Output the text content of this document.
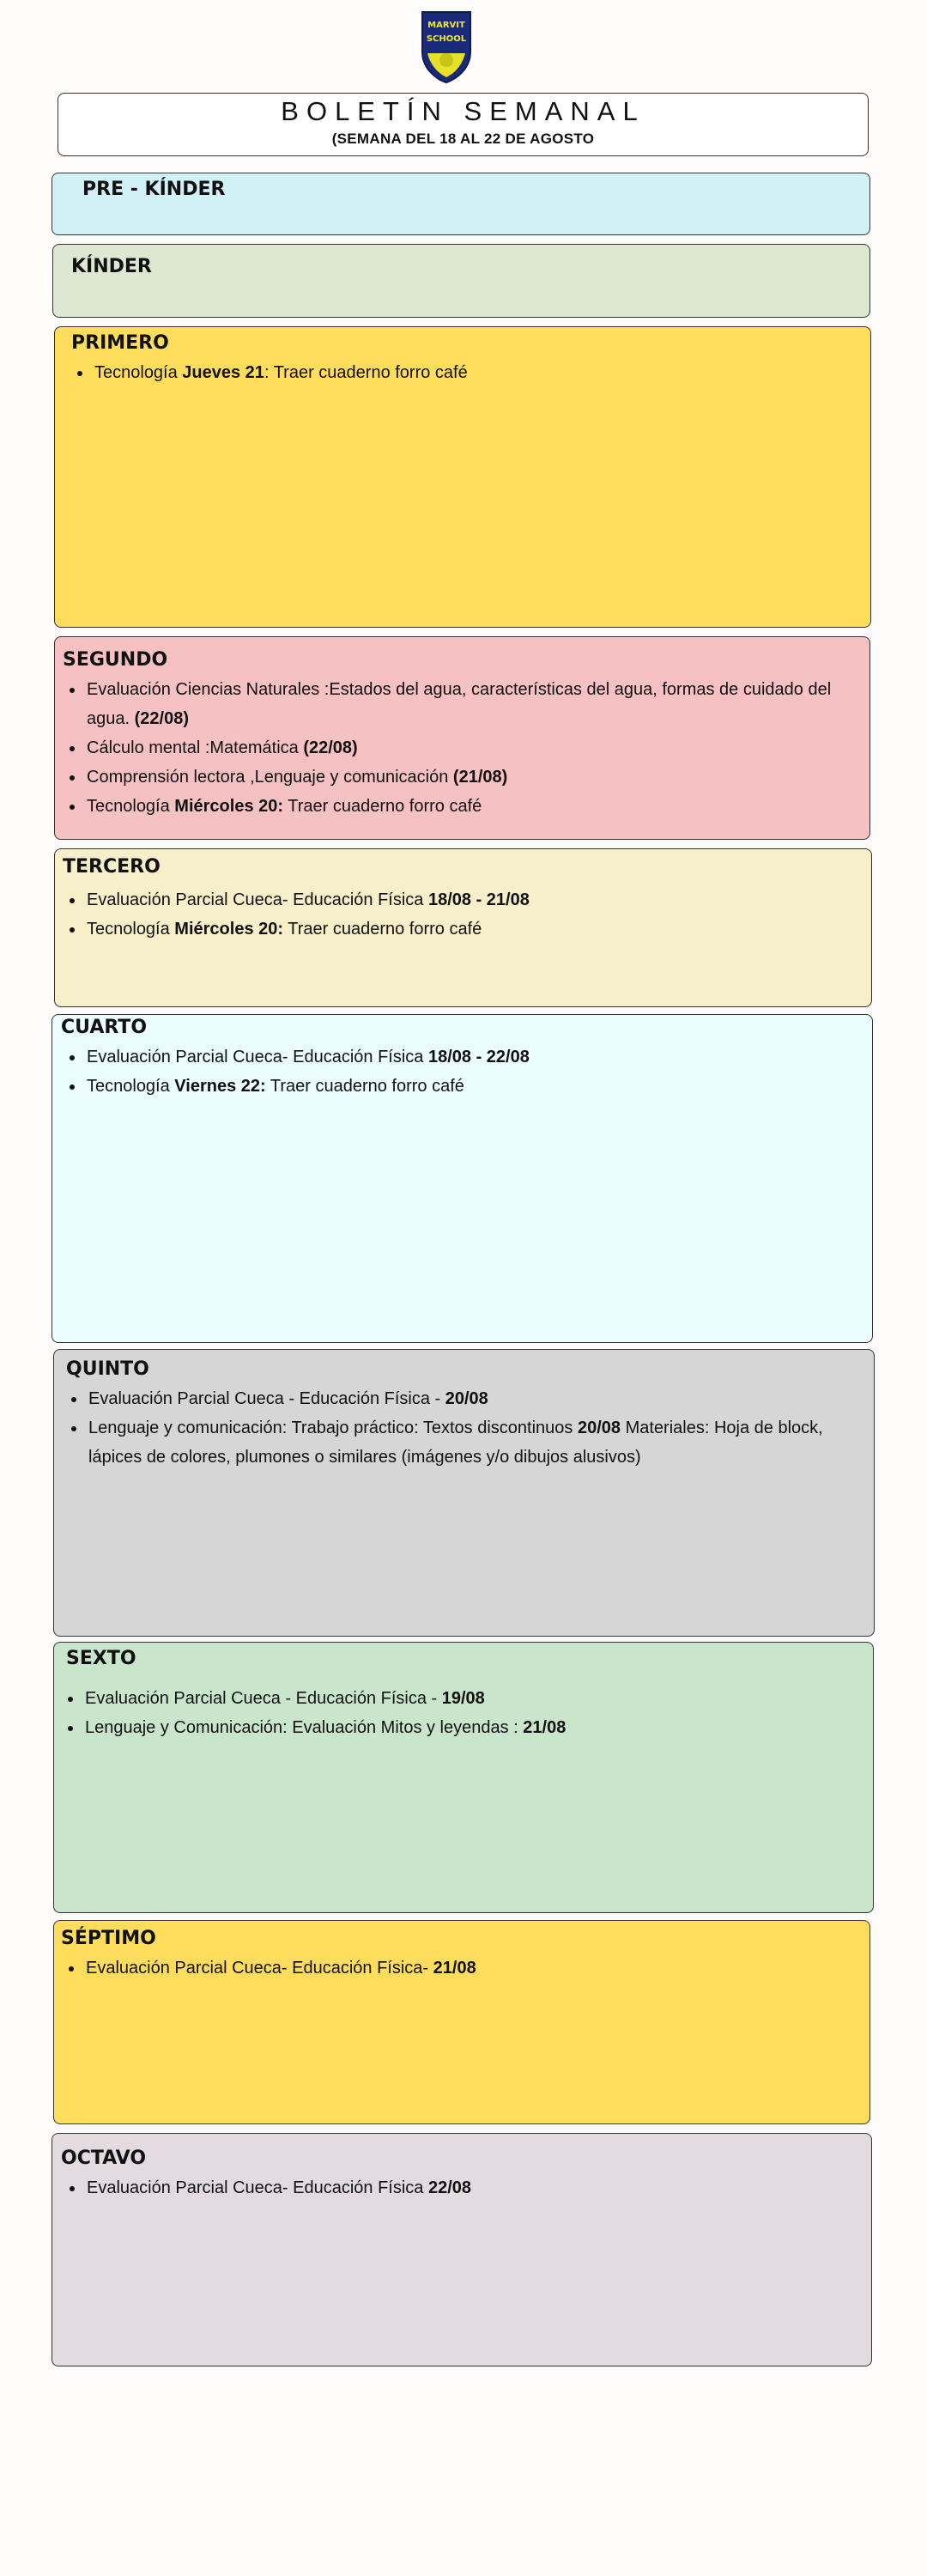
MARVIT
SCHOOL
BOLETÍN SEMANAL
(SEMANA DEL 18 AL 22 DE AGOSTO
PRE - KÍNDER
KÍNDER
PRIMERO
• Tecnología Jueves 21: Traer cuaderno forro café
SEGUNDO
• Evaluación Ciencias Naturales :Estados del agua, características del agua, formas de cuidado del agua. (22/08)
• Cálculo mental :Matemática (22/08)
• Comprensión lectora ,Lenguaje y comunicación (21/08)
• Tecnología Miércoles 20: Traer cuaderno forro café
TERCERO
• Evaluación Parcial Cueca- Educación Física 18/08 - 21/08
• Tecnología Miércoles 20: Traer cuaderno forro café
CUARTO
• Evaluación Parcial Cueca- Educación Física 18/08 - 22/08
• Tecnología Viernes 22: Traer cuaderno forro café
QUINTO
• Evaluación Parcial Cueca - Educación Física - 20/08
• Lenguaje y comunicación: Trabajo práctico: Textos discontinuos 20/08 Materiales: Hoja de block, lápices de colores, plumones o similares (imágenes y/o dibujos alusivos)
SEXTO
• Evaluación Parcial Cueca - Educación Física - 19/08
• Lenguaje y Comunicación: Evaluación Mitos y leyendas : 21/08
SÉPTIMO
• Evaluación Parcial Cueca- Educación Física- 21/08
OCTAVO
• Evaluación Parcial Cueca- Educación Física 22/08
